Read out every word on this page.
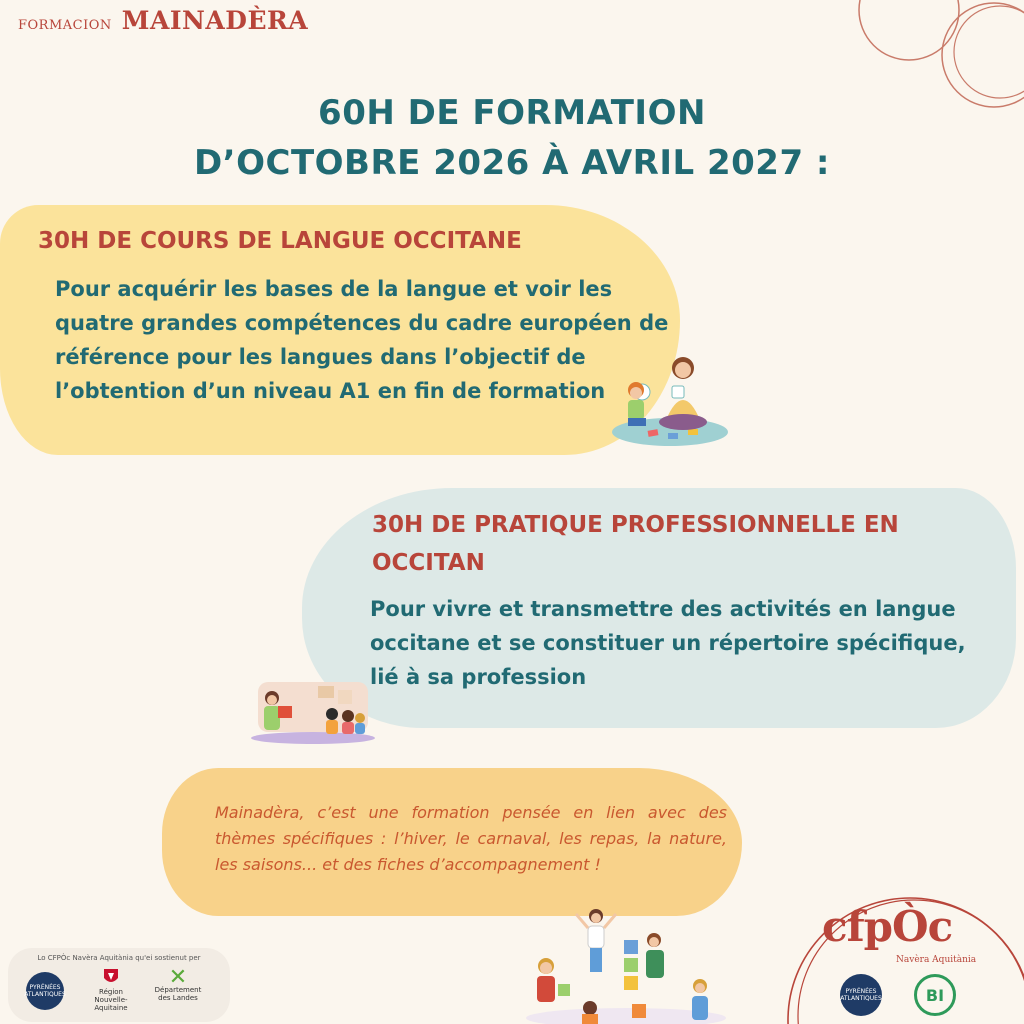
FORMACION MAINADÈRA
60H DE FORMATION
D’OCTOBRE 2026 À AVRIL 2027 :
30H DE COURS DE LANGUE OCCITANE
Pour acquérir les bases de la langue et voir les quatre grandes compétences du cadre européen de référence pour les langues dans l’objectif de l’obtention d’un niveau A1 en fin de formation
30H DE PRATIQUE PROFESSIONNELLE EN OCCITAN
Pour vivre et transmettre des activités en langue occitane et se constituer un répertoire spécifique, lié à sa profession
Mainadèra, c’est une formation pensée en lien avec des thèmes spécifiques : l’hiver, le carnaval, les repas, la nature, les saisons... et des fiches d’accompagnement !
Lo CFPÒc Navèra Aquitània qu'ei sostienut per
PYRÉNÉES ATLANTIQUES	Région Nouvelle-Aquitaine
✕
Département des Landes
cfpÒc
Navèra Aquitània
PYRÉNÉES ATLANTIQUES	BI
